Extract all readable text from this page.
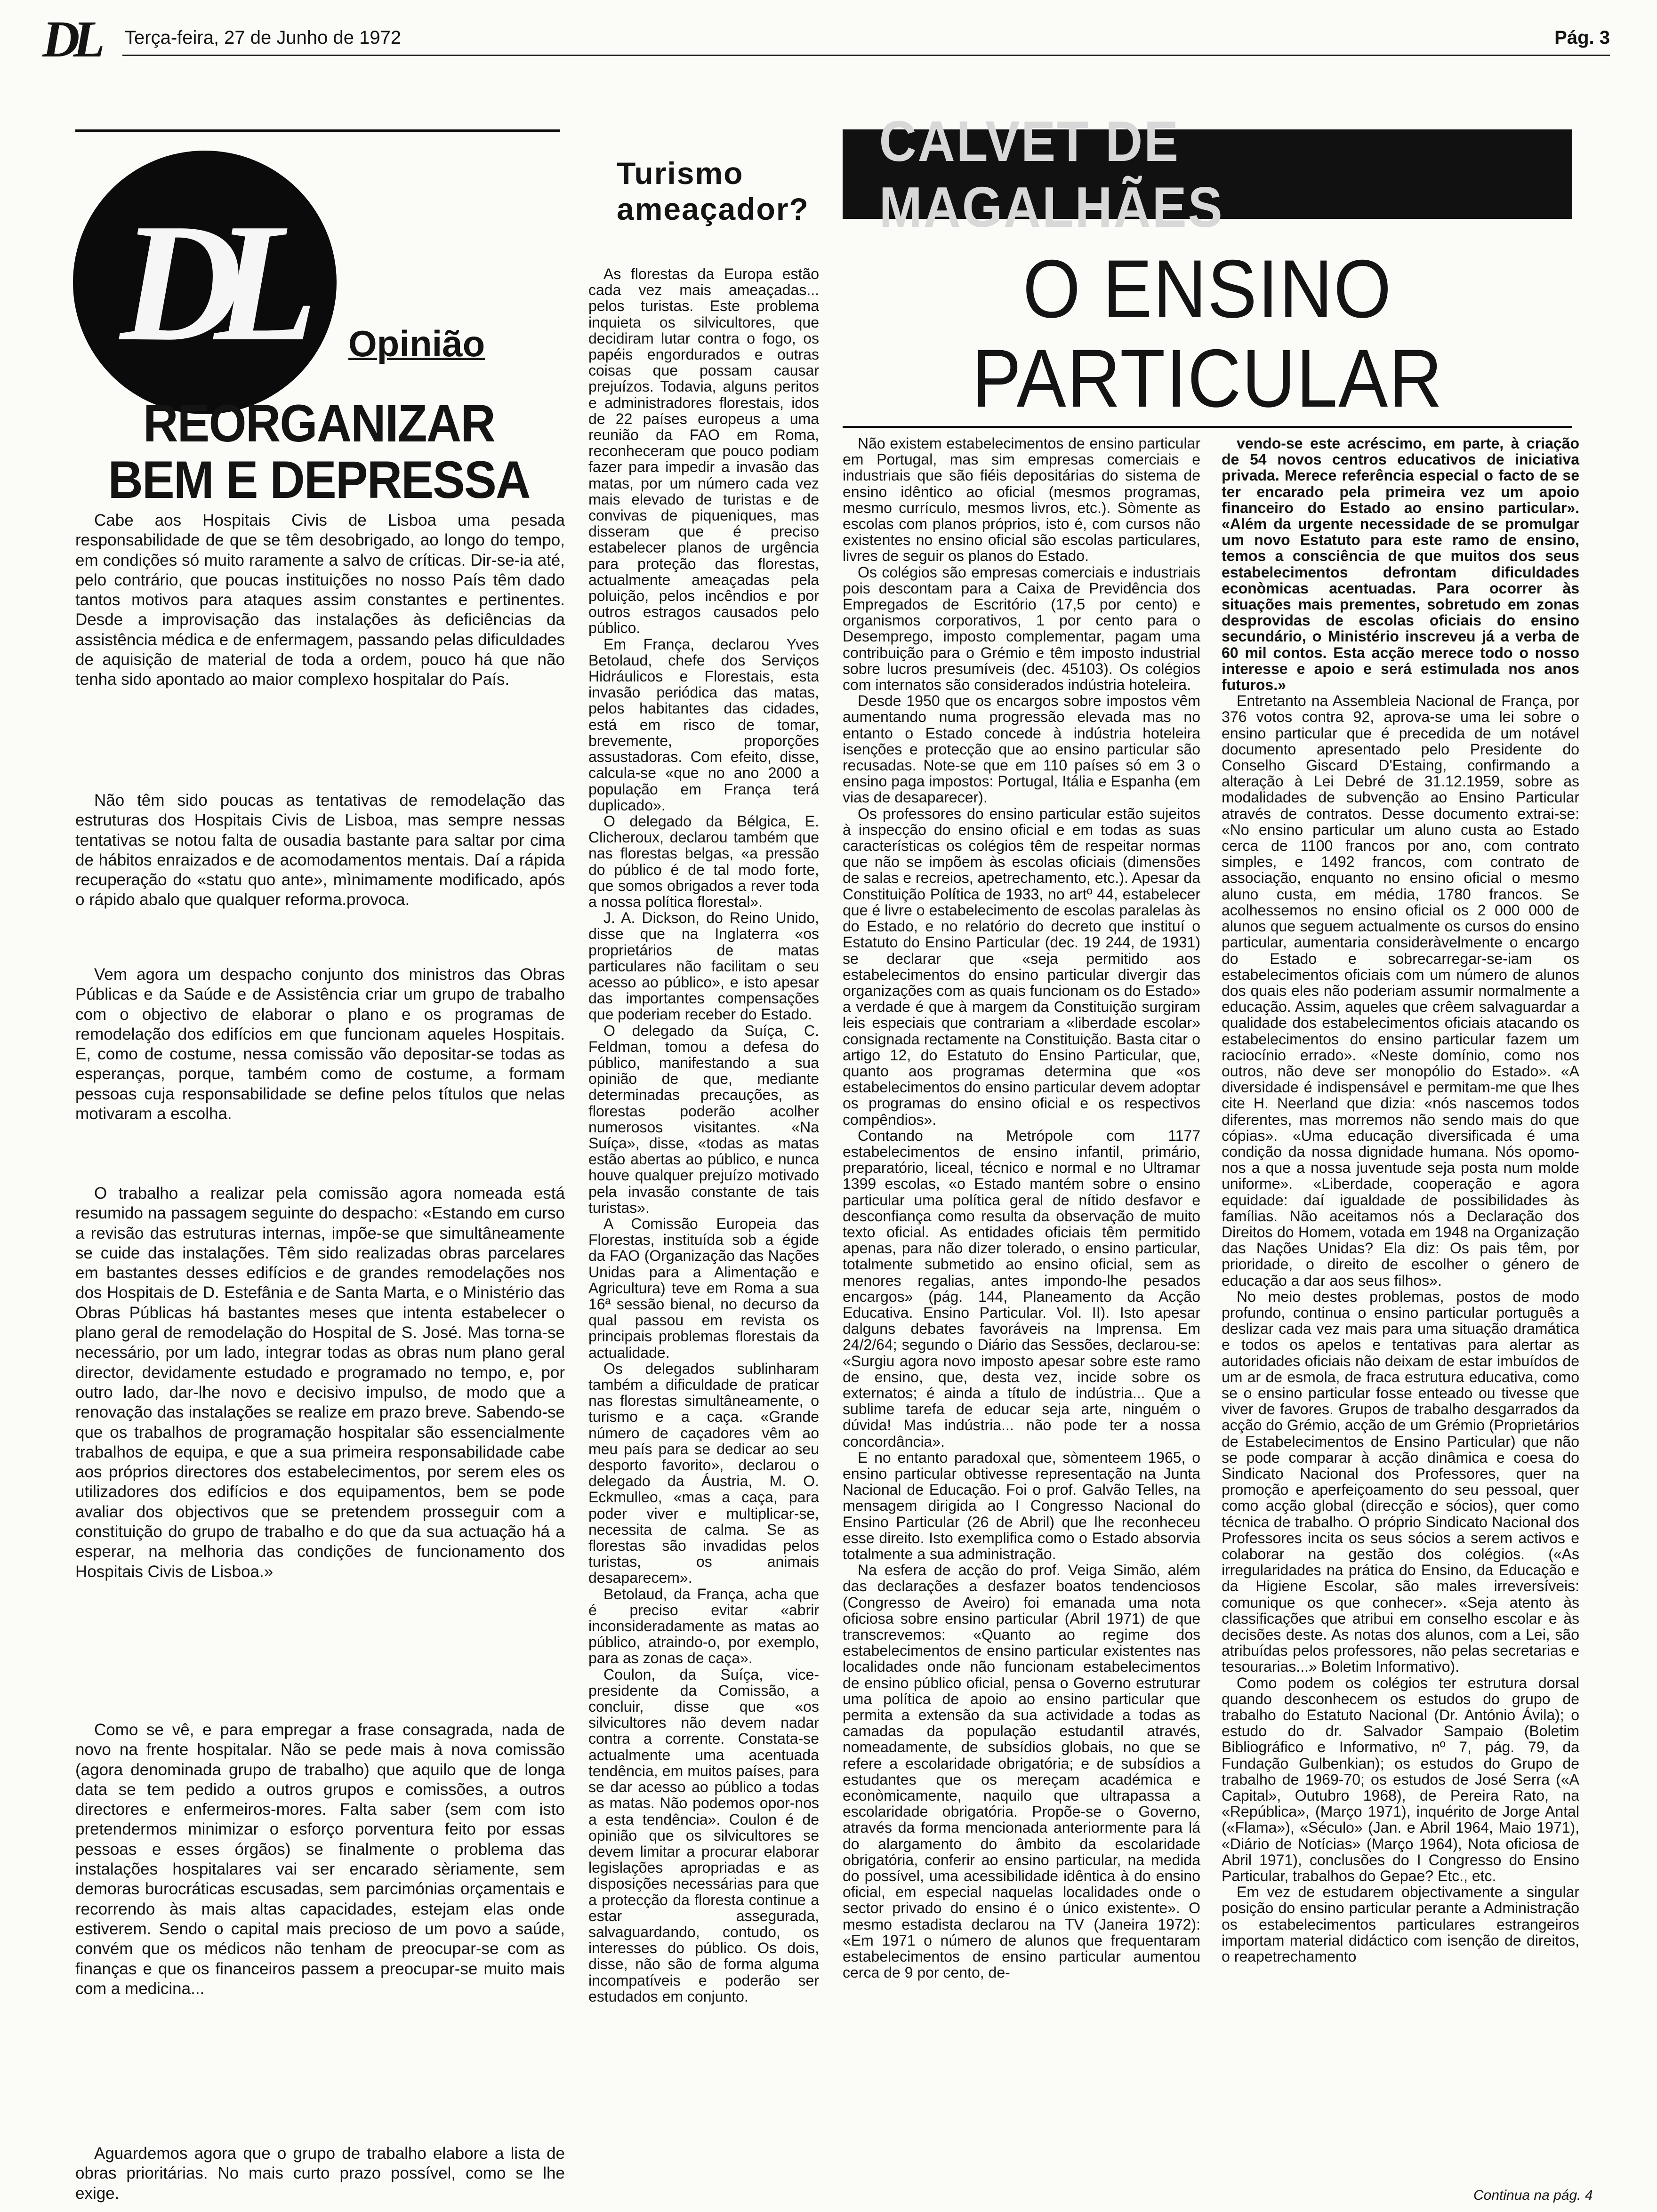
DL Terça-feira, 27 de Junho de 1972	Pág. 3
DL	Opinião
REORGANIZAR BEM E DEPRESSA

Cabe aos Hospitais Civis de Lisboa uma pesada responsabilidade de que se têm desobrigado, ao longo do tempo, em condições só muito raramente a salvo de críticas. Dir-se-ia até, pelo contrário, que poucas instituições no nosso País têm dado tantos motivos para ataques assim constantes e pertinentes. Desde a improvisação das instalações às deficiências da assistência médica e de enfermagem, passando pelas dificuldades de aquisição de material de toda a ordem, pouco há que não tenha sido apontado ao maior complexo hospitalar do País.

Não têm sido poucas as tentativas de remodelação das estruturas dos Hospitais Civis de Lisboa, mas sempre nessas tentativas se notou falta de ousadia bastante para saltar por cima de hábitos enraizados e de acomodamentos mentais. Daí a rápida recuperação do «statu quo ante», mìnimamente modificado, após o rápido abalo que qualquer reforma.provoca.

Vem agora um despacho conjunto dos ministros das Obras Públicas e da Saúde e de Assistência criar um grupo de trabalho com o objectivo de elaborar o plano e os programas de remodelação dos edifícios em que funcionam aqueles Hospitais. E, como de costume, nessa comissão vão depositar-se todas as esperanças, porque, também como de costume, a formam pessoas cuja responsabilidade se define pelos títulos que nelas motivaram a escolha.

O trabalho a realizar pela comissão agora nomeada está resumido na passagem seguinte do despacho: «Estando em curso a revisão das estruturas internas, impõe-se que simultâneamente se cuide das instalações. Têm sido realizadas obras parcelares em bastantes desses edifícios e de grandes remodelações nos dos Hospitais de D. Estefânia e de Santa Marta, e o Ministério das Obras Públicas há bastantes meses que intenta estabelecer o plano geral de remodelação do Hospital de S. José. Mas torna-se necessário, por um lado, integrar todas as obras num plano geral director, devidamente estudado e programado no tempo, e, por outro lado, dar-lhe novo e decisivo impulso, de modo que a renovação das instalações se realize em prazo breve. Sabendo-se que os trabalhos de programação hospitalar são essencialmente trabalhos de equipa, e que a sua primeira responsabilidade cabe aos próprios directores dos estabelecimentos, por serem eles os utilizadores dos edifícios e dos equipamentos, bem se pode avaliar dos objectivos que se pretendem prosseguir com a constituição do grupo de trabalho e do que da sua actuação há a esperar, na melhoria das condições de funcionamento dos Hospitais Civis de Lisboa.»

Como se vê, e para empregar a frase consagrada, nada de novo na frente hospitalar. Não se pede mais à nova comissão (agora denominada grupo de trabalho) que aquilo que de longa data se tem pedido a outros grupos e comissões, a outros directores e enfermeiros-mores. Falta saber (sem com isto pretendermos minimizar o esforço porventura feito por essas pessoas e esses órgãos) se finalmente o problema das instalações hospitalares vai ser encarado sèriamente, sem demoras burocráticas escusadas, sem parcimónias orçamentais e recorrendo às mais altas capacidades, estejam elas onde estiverem. Sendo o capital mais precioso de um povo a saúde, convém que os médicos não tenham de preocupar-se com as finanças e que os financeiros passem a preocupar-se muito mais com a medicina...

Aguardemos agora que o grupo de trabalho elabore a lista de obras prioritárias. No mais curto prazo possível, como se lhe exige.

Turismo ameaçador?

As florestas da Europa estão cada vez mais ameaçadas... pelos turistas. Este problema inquieta os silvicultores, que decidiram lutar contra o fogo, os papéis engordurados e outras coisas que possam causar prejuízos. Todavia, alguns peritos e administradores florestais, idos de 22 países europeus a uma reunião da FAO em Roma, reconheceram que pouco podiam fazer para impedir a invasão das matas, por um número cada vez mais elevado de turistas e de convivas de piqueniques, mas disseram que é preciso estabelecer planos de urgência para proteção das florestas, actualmente ameaçadas pela poluição, pelos incêndios e por outros estragos causados pelo público.

Em França, declarou Yves Betolaud, chefe dos Serviços Hidráulicos e Florestais, esta invasão periódica das matas, pelos habitantes das cidades, está em risco de tomar, brevemente, proporções assustadoras. Com efeito, disse, calcula-se «que no ano 2000 a população em França terá duplicado».

O delegado da Bélgica, E. Clicheroux, declarou também que nas florestas belgas, «a pressão do público é de tal modo forte, que somos obrigados a rever toda a nossa política florestal».

J. A. Dickson, do Reino Unido, disse que na Inglaterra «os proprietários de matas particulares não facilitam o seu acesso ao público», e isto apesar das importantes compensações que poderiam receber do Estado.

O delegado da Suíça, C. Feldman, tomou a defesa do público, manifestando a sua opinião de que, mediante determinadas precauções, as florestas poderão acolher numerosos visitantes. «Na Suíça», disse, «todas as matas estão abertas ao público, e nunca houve qualquer prejuízo motivado pela invasão constante de tais turistas».

A Comissão Europeia das Florestas, instituída sob a égide da FAO (Organização das Nações Unidas para a Alimentação e Agricultura) teve em Roma a sua 16ª sessão bienal, no decurso da qual passou em revista os principais problemas florestais da actualidade.

Os delegados sublinharam também a dificuldade de praticar nas florestas simultâneamente, o turismo e a caça. «Grande número de caçadores vêm ao meu país para se dedicar ao seu desporto favorito», declarou o delegado da Áustria, M. O. Eckmulleo, «mas a caça, para poder viver e multiplicar-se, necessita de calma. Se as florestas são invadidas pelos turistas, os animais desaparecem».

Betolaud, da França, acha que é preciso evitar «abrir inconsideradamente as matas ao público, atraindo-o, por exemplo, para as zonas de caça».

Coulon, da Suíça, vice-presidente da Comissão, a concluir, disse que «os silvicultores não devem nadar contra a corrente. Constata-se actualmente uma acentuada tendência, em muitos países, para se dar acesso ao público a todas as matas. Não podemos opor-nos a esta tendência». Coulon é de opinião que os silvicultores se devem limitar a procurar elaborar legislações apropriadas e as disposições necessárias para que a protecção da floresta continue a estar assegurada, salvaguardando, contudo, os interesses do público. Os dois, disse, não são de forma alguma incompatíveis e poderão ser estudados em conjunto.

CALVET DE MAGALHÃES
O ENSINO PARTICULAR

Não existem estabelecimentos de ensino particular em Portugal, mas sim empresas comerciais e industriais que são fiéis depositárias do sistema de ensino idêntico ao oficial (mesmos programas, mesmo currículo, mesmos livros, etc.). Sòmente as escolas com planos próprios, isto é, com cursos não existentes no ensino oficial são escolas particulares, livres de seguir os planos do Estado.

Os colégios são empresas comerciais e industriais pois descontam para a Caixa de Previdência dos Empregados de Escritório (17,5 por cento) e organismos corporativos, 1 por cento para o Desemprego, imposto complementar, pagam uma contribuição para o Grémio e têm imposto industrial sobre lucros presumíveis (dec. 45103). Os colégios com internatos são considerados indústria hoteleira.

Desde 1950 que os encargos sobre impostos vêm aumentando numa progressão elevada mas no entanto o Estado concede à indústria hoteleira isenções e protecção que ao ensino particular são recusadas. Note-se que em 110 países só em 3 o ensino paga impostos: Portugal, Itália e Espanha (em vias de desaparecer).

Os professores do ensino particular estão sujeitos à inspecção do ensino oficial e em todas as suas características os colégios têm de respeitar normas que não se impõem às escolas oficiais (dimensões de salas e recreios, apetrechamento, etc.). Apesar da Constituição Política de 1933, no artº 44, estabelecer que é livre o estabelecimento de escolas paralelas às do Estado, e no relatório do decreto que instituí o Estatuto do Ensino Particular (dec. 19 244, de 1931) se declarar que «seja permitido aos estabelecimentos do ensino particular divergir das organizações com as quais funcionam os do Estado» a verdade é que à margem da Constituição surgiram leis especiais que contrariam a «liberdade escolar» consignada rectamente na Constituição. Basta citar o artigo 12, do Estatuto do Ensino Particular, que, quanto aos programas determina que «os estabelecimentos do ensino particular devem adoptar os programas do ensino oficial e os respectivos compêndios».

Contando na Metrópole com 1177 estabelecimentos de ensino infantil, primário, preparatório, liceal, técnico e normal e no Ultramar 1399 escolas, «o Estado mantém sobre o ensino particular uma política geral de nítido desfavor e desconfiança como resulta da observação de muito texto oficial. As entidades oficiais têm permitido apenas, para não dizer tolerado, o ensino particular, totalmente submetido ao ensino oficial, sem as menores regalias, antes impondo-lhe pesados encargos» (pág. 144, Planeamento da Acção Educativa. Ensino Particular. Vol. II). Isto apesar dalguns debates favoráveis na Imprensa. Em 24/2/64; segundo o Diário das Sessões, declarou-se: «Surgiu agora novo imposto apesar sobre este ramo de ensino, que, desta vez, incide sobre os externatos; é ainda a título de indústria... Que a sublime tarefa de educar seja arte, ninguém o dúvida! Mas indústria... não pode ter a nossa concordância».

E no entanto paradoxal que, sòmenteem 1965, o ensino particular obtivesse representação na Junta Nacional de Educação. Foi o prof. Galvão Telles, na mensagem dirigida ao I Congresso Nacional do Ensino Particular (26 de Abril) que lhe reconheceu esse direito. Isto exemplifica como o Estado absorvia totalmente a sua administração.

Na esfera de acção do prof. Veiga Simão, além das declarações a desfazer boatos tendenciosos (Congresso de Aveiro) foi emanada uma nota oficiosa sobre ensino particular (Abril 1971) de que transcrevemos: «Quanto ao regime dos estabelecimentos de ensino particular existentes nas localidades onde não funcionam estabelecimentos de ensino público oficial, pensa o Governo estruturar uma política de apoio ao ensino particular que permita a extensão da sua actividade a todas as camadas da população estudantil através, nomeadamente, de subsídios globais, no que se refere a escolaridade obrigatória; e de subsídios a estudantes que os mereçam académica e econòmicamente, naquilo que ultrapassa a escolaridade obrigatória. Propõe-se o Governo, através da forma mencionada anteriormente para lá do alargamento do âmbito da escolaridade obrigatória, conferir ao ensino particular, na medida do possível, uma acessibilidade idêntica à do ensino oficial, em especial naquelas localidades onde o sector privado do ensino é o único existente». O mesmo estadista declarou na TV (Janeira 1972): «Em 1971 o número de alunos que frequentaram estabelecimentos de ensino particular aumentou cerca de 9 por cento, de-

vendo-se este acréscimo, em parte, à criação de 54 novos centros educativos de iniciativa privada. Merece referência especial o facto de se ter encarado pela primeira vez um apoio financeiro do Estado ao ensino particular». «Além da urgente necessidade de se promulgar um novo Estatuto para este ramo de ensino, temos a consciência de que muitos dos seus estabelecimentos defrontam dificuldades econòmicas acentuadas. Para ocorrer às situações mais prementes, sobretudo em zonas desprovidas de escolas oficiais do ensino secundário, o Ministério inscreveu já a verba de 60 mil contos. Esta acção merece todo o nosso interesse e apoio e será estimulada nos anos futuros.»

Entretanto na Assembleia Nacional de França, por 376 votos contra 92, aprova-se uma lei sobre o ensino particular que é precedida de um notável documento apresentado pelo Presidente do Conselho Giscard D'Estaing, confirmando a alteração à Lei Debré de 31.12.1959, sobre as modalidades de subvenção ao Ensino Particular através de contratos. Desse documento extrai-se: «No ensino particular um aluno custa ao Estado cerca de 1100 francos por ano, com contrato simples, e 1492 francos, com contrato de associação, enquanto no ensino oficial o mesmo aluno custa, em média, 1780 francos. Se acolhessemos no ensino oficial os 2 000 000 de alunos que seguem actualmente os cursos do ensino particular, aumentaria consideràvelmente o encargo do Estado e sobrecarregar-se-iam os estabelecimentos oficiais com um número de alunos dos quais eles não poderiam assumir normalmente a educação. Assim, aqueles que crêem salvaguardar a qualidade dos estabelecimentos oficiais atacando os estabelecimentos do ensino particular fazem um raciocínio errado». «Neste domínio, como nos outros, não deve ser monopólio do Estado». «A diversidade é indispensável e permitam-me que lhes cite H. Neerland que dizia: «nós nascemos todos diferentes, mas morremos não sendo mais do que cópias». «Uma educação diversificada é uma condição da nossa dignidade humana. Nós opomo-nos a que a nossa juventude seja posta num molde uniforme». «Liberdade, cooperação e agora equidade: daí igualdade de possibilidades às famílias. Não aceitamos nós a Declaração dos Direitos do Homem, votada em 1948 na Organização das Nações Unidas? Ela diz: Os pais têm, por prioridade, o direito de escolher o género de educação a dar aos seus filhos».

No meio destes problemas, postos de modo profundo, continua o ensino particular português a deslizar cada vez mais para uma situação dramática e todos os apelos e tentativas para alertar as autoridades oficiais não deixam de estar imbuídos de um ar de esmola, de fraca estrutura educativa, como se o ensino particular fosse enteado ou tivesse que viver de favores. Grupos de trabalho desgarrados da acção do Grémio, acção de um Grémio (Proprietários de Estabelecimentos de Ensino Particular) que não se pode comparar à acção dinâmica e coesa do Sindicato Nacional dos Professores, quer na promoção e aperfeiçoamento do seu pessoal, quer como acção global (direcção e sócios), quer como técnica de trabalho. O próprio Sindicato Nacional dos Professores incita os seus sócios a serem activos e colaborar na gestão dos colégios. («As irregularidades na prática do Ensino, da Educação e da Higiene Escolar, são males irreversíveis: comunique os que conhecer». «Seja atento às classificações que atribui em conselho escolar e às decisões deste. As notas dos alunos, com a Lei, são atribuídas pelos professores, não pelas secretarias e tesourarias...» Boletim Informativo).

Como podem os colégios ter estrutura dorsal quando desconhecem os estudos do grupo de trabalho do Estatuto Nacional (Dr. António Ávila); o estudo do dr. Salvador Sampaio (Boletim Bibliográfico e Informativo, nº 7, pág. 79, da Fundação Gulbenkian); os estudos do Grupo de trabalho de 1969-70; os estudos de José Serra («A Capital», Outubro 1968), de Pereira Rato, na «República», (Março 1971), inquérito de Jorge Antal («Flama»), «Século» (Jan. e Abril 1964, Maio 1971), «Diário de Notícias» (Março 1964), Nota oficiosa de Abril 1971), conclusões do I Congresso do Ensino Particular, trabalhos do Gepae? Etc., etc.

Em vez de estudarem objectivamente a singular posição do ensino particular perante a Administração os estabelecimentos particulares estrangeiros importam material didáctico com isenção de direitos, o reapetrechamento

Continua na pág. 4
